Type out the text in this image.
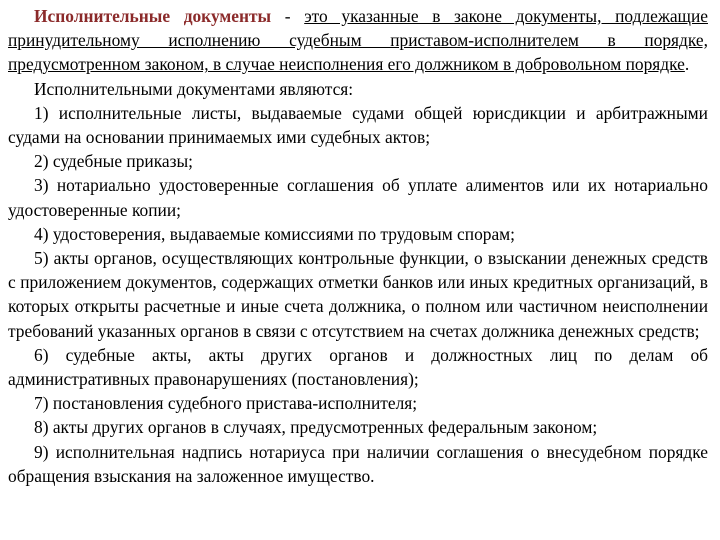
Исполнительные документы - это указанные в законе документы, подлежащие принудительному исполнению судебным приставом-исполнителем в порядке, предусмотренном законом, в случае неисполнения его должником в добровольном порядке.

Исполнительными документами являются:

1) исполнительные листы, выдаваемые судами общей юрисдикции и арбитражными судами на основании принимаемых ими судебных актов;

2) судебные приказы;

3) нотариально удостоверенные соглашения об уплате алиментов или их нотариально удостоверенные копии;

4) удостоверения, выдаваемые комиссиями по трудовым спорам;

5) акты органов, осуществляющих контрольные функции, о взыскании денежных средств с приложением документов, содержащих отметки банков или иных кредитных организаций, в которых открыты расчетные и иные счета должника, о полном или частичном неисполнении требований указанных органов в связи с отсутствием на счетах должника денежных средств;

6) судебные акты, акты других органов и должностных лиц по делам об административных правонарушениях (постановления);

7) постановления судебного пристава-исполнителя;

8) акты других органов в случаях, предусмотренных федеральным законом;

9) исполнительная надпись нотариуса при наличии соглашения о внесудебном порядке обращения взыскания на заложенное имущество.
